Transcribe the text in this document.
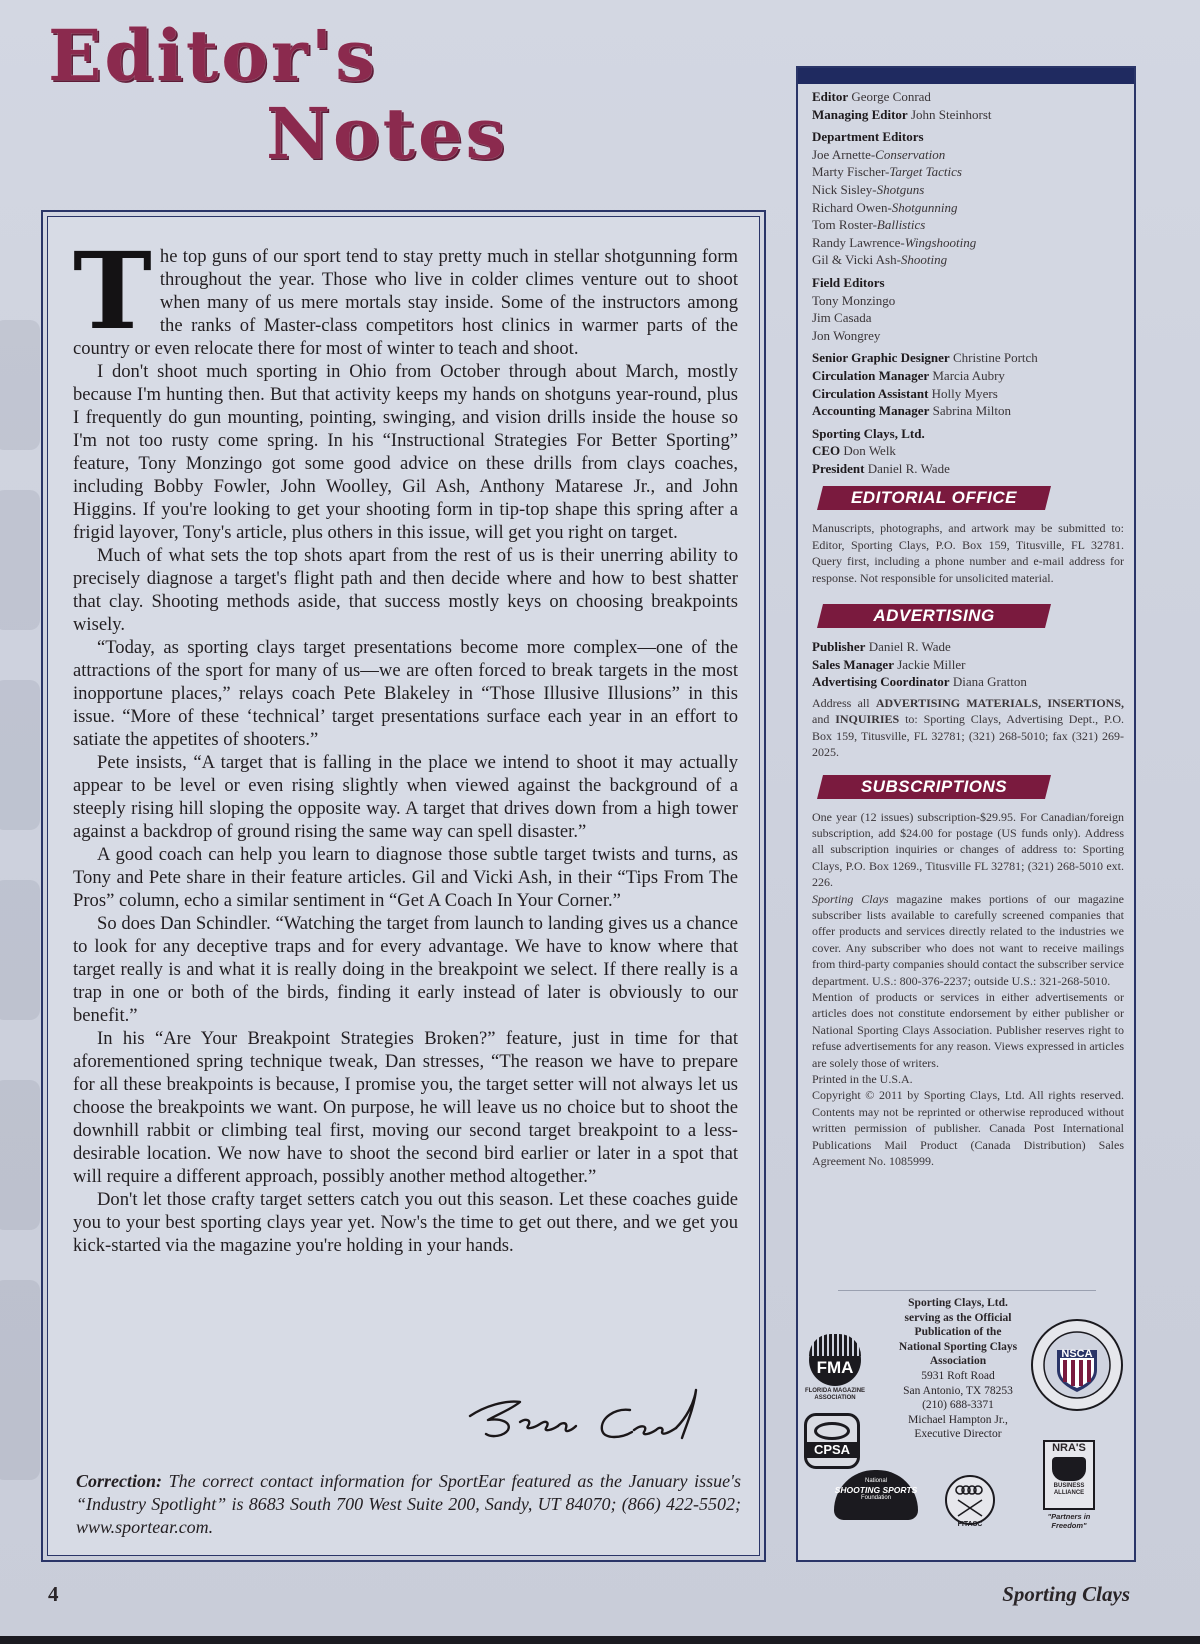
Editor's
Notes

The top guns of our sport tend to stay pretty much in stellar shotgunning form throughout the year. Those who live in colder climes venture out to shoot when many of us mere mortals stay inside. Some of the instructors among the ranks of Master-class competitors host clinics in warmer parts of the country or even relocate there for most of winter to teach and shoot.

I don't shoot much sporting in Ohio from October through about March, mostly because I'm hunting then. But that activity keeps my hands on shotguns year-round, plus I frequently do gun mounting, pointing, swinging, and vision drills inside the house so I'm not too rusty come spring. In his “Instructional Strategies For Better Sporting” feature, Tony Monzingo got some good advice on these drills from clays coaches, including Bobby Fowler, John Woolley, Gil Ash, Anthony Matarese Jr., and John Higgins. If you're looking to get your shooting form in tip-top shape this spring after a frigid layover, Tony's article, plus others in this issue, will get you right on target.

Much of what sets the top shots apart from the rest of us is their unerring ability to precisely diagnose a target's flight path and then decide where and how to best shatter that clay. Shooting methods aside, that success mostly keys on choosing breakpoints wisely.

“Today, as sporting clays target presentations become more complex—one of the attractions of the sport for many of us—we are often forced to break targets in the most inopportune places,” relays coach Pete Blakeley in “Those Illusive Illusions” in this issue. “More of these ‘technical’ target presentations surface each year in an effort to satiate the appetites of shooters.”

Pete insists, “A target that is falling in the place we intend to shoot it may actually appear to be level or even rising slightly when viewed against the background of a steeply rising hill sloping the opposite way. A target that drives down from a high tower against a backdrop of ground rising the same way can spell disaster.”

A good coach can help you learn to diagnose those subtle target twists and turns, as Tony and Pete share in their feature articles. Gil and Vicki Ash, in their “Tips From The Pros” column, echo a similar sentiment in “Get A Coach In Your Corner.”

So does Dan Schindler. “Watching the target from launch to landing gives us a chance to look for any deceptive traps and for every advantage. We have to know where that target really is and what it is really doing in the breakpoint we select. If there really is a trap in one or both of the birds, finding it early instead of later is obviously to our benefit.”

In his “Are Your Breakpoint Strategies Broken?” feature, just in time for that aforementioned spring technique tweak, Dan stresses, “The reason we have to prepare for all these breakpoints is because, I promise you, the target setter will not always let us choose the breakpoints we want. On purpose, he will leave us no choice but to shoot the downhill rabbit or climbing teal first, moving our second target breakpoint to a less-desirable location. We now have to shoot the second bird earlier or later in a spot that will require a different approach, possibly another method altogether.”

Don't let those crafty target setters catch you out this season. Let these coaches guide you to your best sporting clays year yet. Now's the time to get out there, and we get you kick-started via the magazine you're holding in your hands.

Correction: The correct contact information for SportEar featured as the January issue's “Industry Spotlight” is 8683 South 700 West Suite 200, Sandy, UT 84070; (866) 422-5502; www.sportear.com.
Editor George Conrad
Managing Editor John Steinhorst
Department Editors
Joe Arnette-Conservation
Marty Fischer-Target Tactics
Nick Sisley-Shotguns
Richard Owen-Shotgunning
Tom Roster-Ballistics
Randy Lawrence-Wingshooting
Gil & Vicki Ash-Shooting
Field Editors
Tony Monzingo
Jim Casada
Jon Wongrey
Senior Graphic Designer Christine Portch
Circulation Manager Marcia Aubry
Circulation Assistant Holly Myers
Accounting Manager Sabrina Milton
Sporting Clays, Ltd.
CEO Don Welk
President Daniel R. Wade
EDITORIAL OFFICE
Manuscripts, photographs, and artwork may be submitted to: Editor, Sporting Clays, P.O. Box 159, Titusville, FL 32781. Query first, including a phone number and e-mail address for response. Not responsible for unsolicited material.
ADVERTISING
Publisher Daniel R. Wade
Sales Manager Jackie Miller
Advertising Coordinator Diana Gratton
Address all ADVERTISING MATERIALS, INSERTIONS, and INQUIRIES to: Sporting Clays, Advertising Dept., P.O. Box 159, Titusville, FL 32781; (321) 268-5010; fax (321) 269-2025.
SUBSCRIPTIONS
One year (12 issues) subscription-$29.95. For Canadian/foreign subscription, add $24.00 for postage (US funds only). Address all subscription inquiries or changes of address to: Sporting Clays, P.O. Box 1269., Titusville FL 32781; (321) 268-5010 ext. 226.
Sporting Clays magazine makes portions of our magazine subscriber lists available to carefully screened companies that offer products and services directly related to the industries we cover. Any subscriber who does not want to receive mailings from third-party companies should contact the subscriber service department. U.S.: 800-376-2237; outside U.S.: 321-268-5010.
Mention of products or services in either advertisements or articles does not constitute endorsement by either publisher or National Sporting Clays Association. Publisher reserves right to refuse advertisements for any reason. Views expressed in articles are solely those of writers.
Printed in the U.S.A.
Copyright © 2011 by Sporting Clays, Ltd. All rights reserved. Contents may not be reprinted or otherwise reproduced without written permission of publisher. Canada Post International Publications Mail Product (Canada Distribution) Sales Agreement No. 1085999.
Sporting Clays, Ltd.
serving as the Official
Publication of the
National Sporting Clays
Association
5931 Roft Road
San Antonio, TX 78253
(210) 688-3371
Michael Hampton Jr.,
Executive Director
FMA
FLORIDA MAGAZINE ASSOCIATION
CPSA
NSCA
National
SHOOTING SPORTS
Foundation
FITASC
NRA'S
BUSINESS
ALLIANCE
"Partners in Freedom"
4	Sporting Clays
